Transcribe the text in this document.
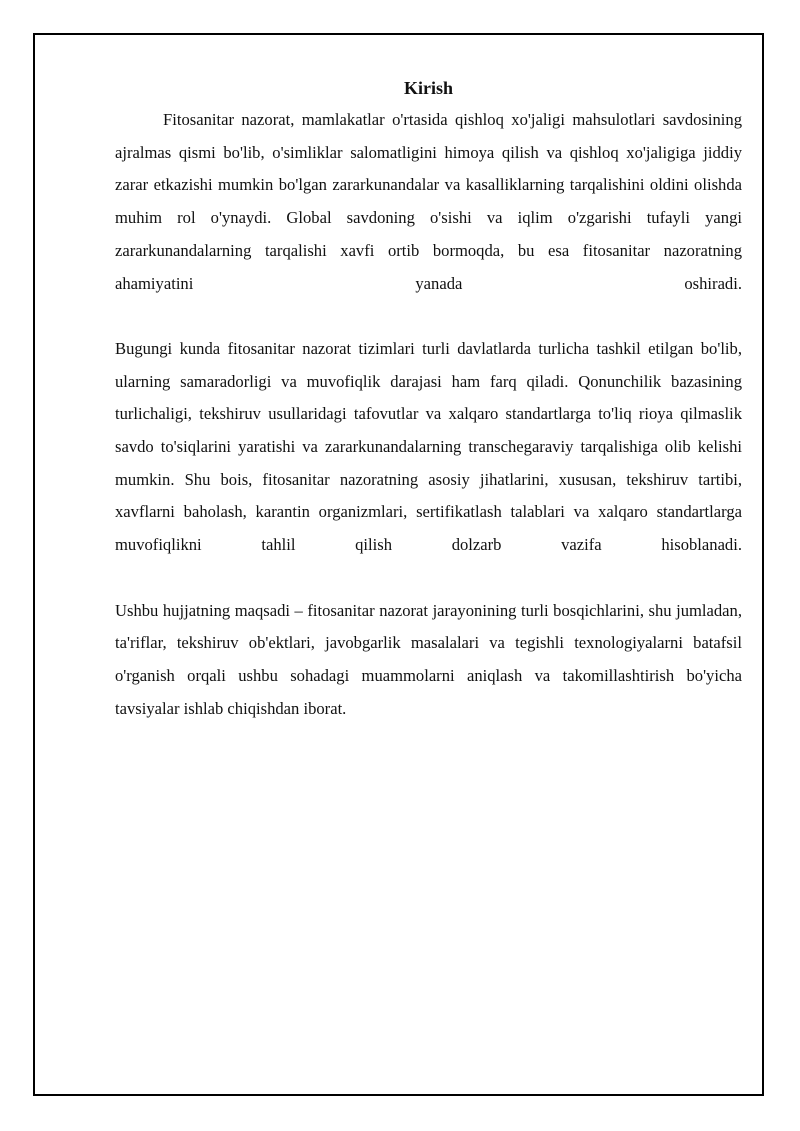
Kirish

Fitosanitar nazorat, mamlakatlar o'rtasida qishloq xo'jaligi mahsulotlari savdosining ajralmas qismi bo'lib, o'simliklar salomatligini himoya qilish va qishloq xo'jaligiga jiddiy zarar etkazishi mumkin bo'lgan zararkunandalar va kasalliklarning tarqalishini oldini olishda muhim rol o'ynaydi. Global savdoning o'sishi va iqlim o'zgarishi tufayli yangi zararkunandalarning tarqalishi xavfi ortib bormoqda, bu esa fitosanitar nazoratning ahamiyatini yanada oshiradi.

Bugungi kunda fitosanitar nazorat tizimlari turli davlatlarda turlicha tashkil etilgan bo'lib, ularning samaradorligi va muvofiqlik darajasi ham farq qiladi. Qonunchilik bazasining turlichaligi, tekshiruv usullaridagi tafovutlar va xalqaro standartlarga to'liq rioya qilmaslik savdo to'siqlarini yaratishi va zararkunandalarning transchegaraviy tarqalishiga olib kelishi mumkin. Shu bois, fitosanitar nazoratning asosiy jihatlarini, xususan, tekshiruv tartibi, xavflarni baholash, karantin organizmlari, sertifikatlash talablari va xalqaro standartlarga muvofiqlikni tahlil qilish dolzarb vazifa hisoblanadi.

Ushbu hujjatning maqsadi – fitosanitar nazorat jarayonining turli bosqichlarini, shu jumladan, ta'riflar, tekshiruv ob'ektlari, javobgarlik masalalari va tegishli texnologiyalarni batafsil o'rganish orqali ushbu sohadagi muammolarni aniqlash va takomillashtirish bo'yicha tavsiyalar ishlab chiqishdan iborat.
